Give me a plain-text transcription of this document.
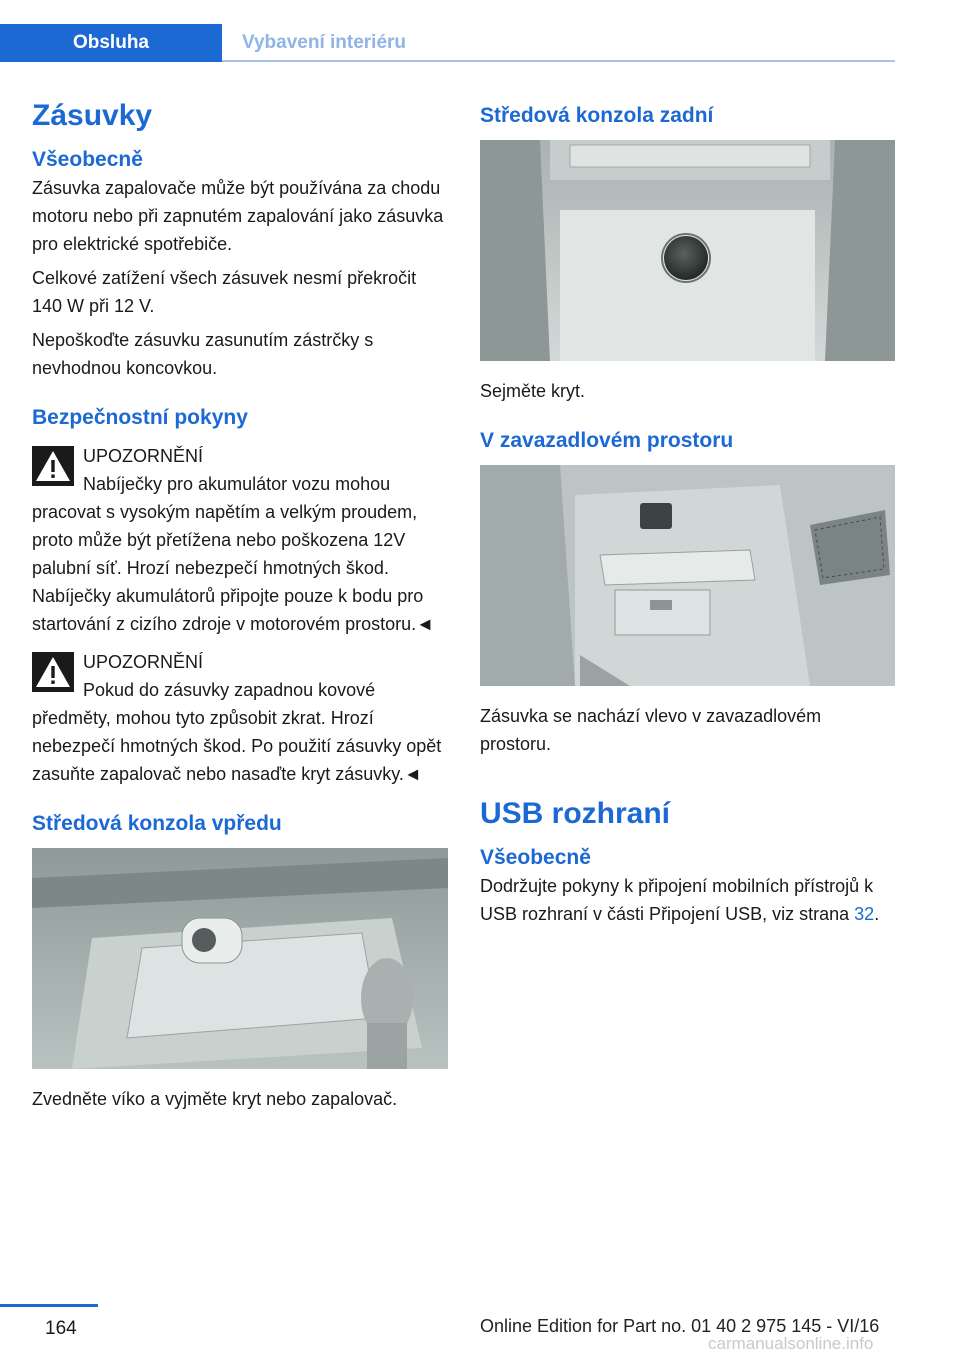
Obsluha	Vybavení interiéru
Zásuvky
Všeobecně

Zásuvka zapalovače může být používána za chodu motoru nebo při zapnutém zapalování jako zásuvka pro elektrické spotřebiče.

Celkové zatížení všech zásuvek nesmí překročit 140 W při 12 V.

Nepoškoďte zásuvku zasunutím zástrčky s nevhodnou koncovkou.

Bezpečnostní pokyny
UPOZORNĚNÍ

Nabíječky pro akumulátor vozu mohou pracovat s vysokým napětím a velkým proudem, proto může být přetížena nebo poškozena 12V palubní síť. Hrozí nebezpečí hmotných škod. Nabíječky akumulátorů připojte pouze k bodu pro startování z cizího zdroje v motorovém prostoru.◄

UPOZORNĚNÍ

Pokud do zásuvky zapadnou kovové předměty, mohou tyto způsobit zkrat. Hrozí nebezpečí hmotných škod. Po použití zásuvky opět zasuňte zapalovač nebo nasaďte kryt zásuvky.◄

Středová konzola vpředu

Zvedněte víko a vyjměte kryt nebo zapalovač.

Středová konzola zadní

Sejměte kryt.

V zavazadlovém prostoru

Zásuvka se nachází vlevo v zavazadlovém prostoru.

USB rozhraní
Všeobecně

Dodržujte pokyny k připojení mobilních přístrojů k USB rozhraní v části Připojení USB, viz strana 32.

164	Online Edition for Part no. 01 40 2 975 145 - VI/16
carmanualsonline.info
